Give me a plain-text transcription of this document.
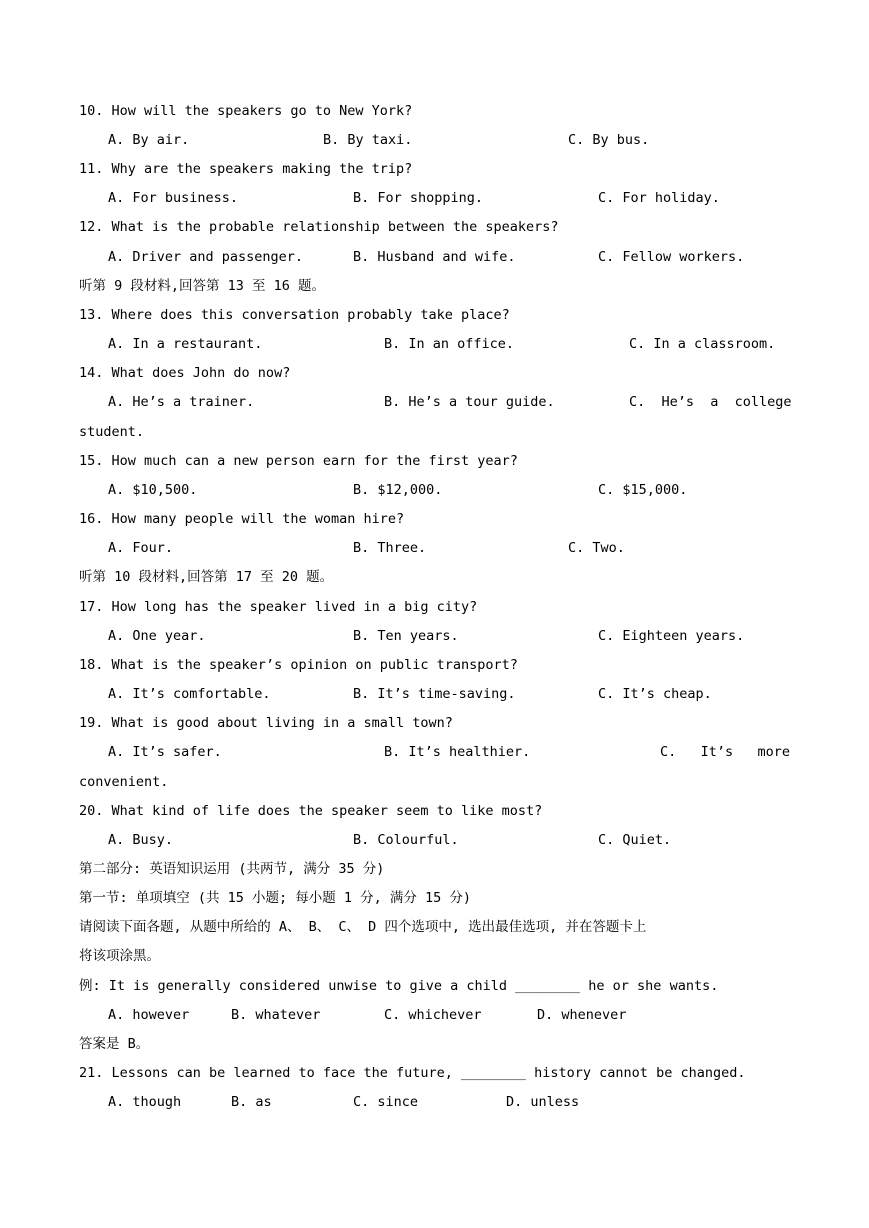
10. How will the speakers go to New York?
A. By air.	B. By taxi.	C. By bus.
11. Why are the speakers making the trip?
A. For business.	B. For shopping.	C. For holiday.
12. What is the probable relationship between the speakers?
A. Driver and passenger.	B. Husband and wife.	C. Fellow workers.
听第 9 段材料,回答第 13 至 16 题。
13. Where does this conversation probably take place?
A. In a restaurant.	B. In an office.	C. In a classroom.
14. What does John do now?
A. He’s a trainer.	B. He’s a tour guide.	C.  He’s  a  college
student.
15. How much can a new person earn for the first year?
A. $10,500.	B. $12,000.	C. $15,000.
16. How many people will the woman hire?
A. Four.	B. Three.	C. Two.
听第 10 段材料,回答第 17 至 20 题。
17. How long has the speaker lived in a big city?
A. One year.	B. Ten years.	C. Eighteen years.
18. What is the speaker’s opinion on public transport?
A. It’s comfortable.	B. It’s time-saving.	C. It’s cheap.
19. What is good about living in a small town?
A. It’s safer.	B. It’s healthier.	C.   It’s   more
convenient.
20. What kind of life does the speaker seem to like most?
A. Busy.	B. Colourful.	C. Quiet.
第二部分: 英语知识运用 (共两节, 满分 35 分)
第一节: 单项填空 (共 15 小题; 每小题 1 分, 满分 15 分)
请阅读下面各题, 从题中所给的 A、 B、 C、 D 四个选项中, 选出最佳选项, 并在答题卡上
将该项涂黑。
例: It is generally considered unwise to give a child ________ he or she wants.
A. however	B. whatever	C. whichever	D. whenever
答案是 B。
21. Lessons can be learned to face the future, ________ history cannot be changed.
A. though	B. as	C. since	D. unless
